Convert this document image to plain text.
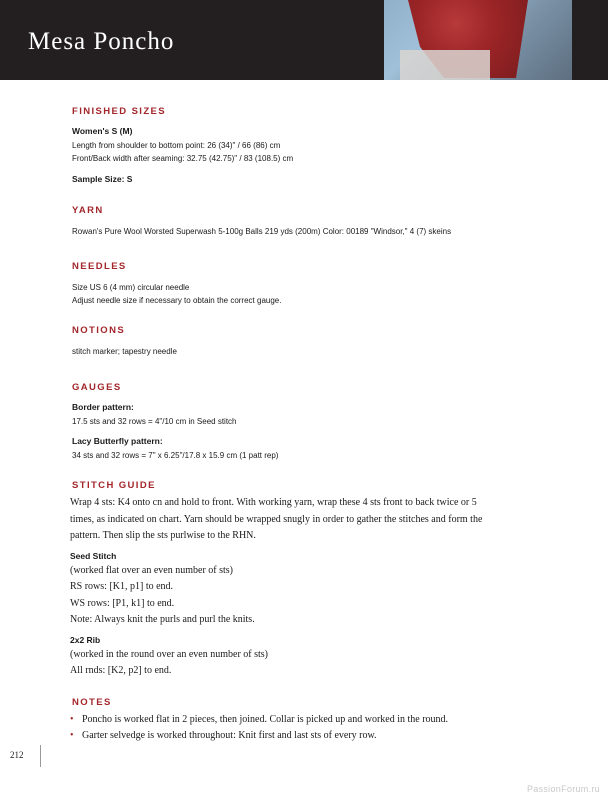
Mesa Poncho

FINISHED SIZES

Women's S (M)

Length from shoulder to bottom point: 26 (34)" / 66 (86) cm

Front/Back width after seaming: 32.75 (42.75)" / 83 (108.5) cm

Sample Size: S

YARN

Rowan's Pure Wool Worsted Superwash 5-100g Balls 219 yds (200m) Color: 00189 "Windsor," 4 (7) skeins

NEEDLES

Size US 6 (4 mm) circular needle

Adjust needle size if necessary to obtain the correct gauge.

NOTIONS

stitch marker; tapestry needle

GAUGES

Border pattern:

17.5 sts and 32 rows = 4"/10 cm in Seed stitch

Lacy Butterfly pattern:

34 sts and 32 rows = 7" x 6.25"/17.8 x 15.9 cm (1 patt rep)

STITCH GUIDE

Wrap 4 sts: K4 onto cn and hold to front. With working yarn, wrap these 4 sts front to back twice or 5

times, as indicated on chart. Yarn should be wrapped snugly in order to gather the stitches and form the

pattern. Then slip the sts purlwise to the RHN.

Seed Stitch

(worked flat over an even number of sts)

RS rows: [K1, p1] to end.

WS rows: [P1, k1] to end.

Note: Always knit the purls and purl the knits.

2x2 Rib

(worked in the round over an even number of sts)

All rnds: [K2, p2] to end.

NOTES

• Poncho is worked flat in 2 pieces, then joined. Collar is picked up and worked in the round.
• Garter selvedge is worked throughout: Knit first and last sts of every row.
212
PassionForum.ru
